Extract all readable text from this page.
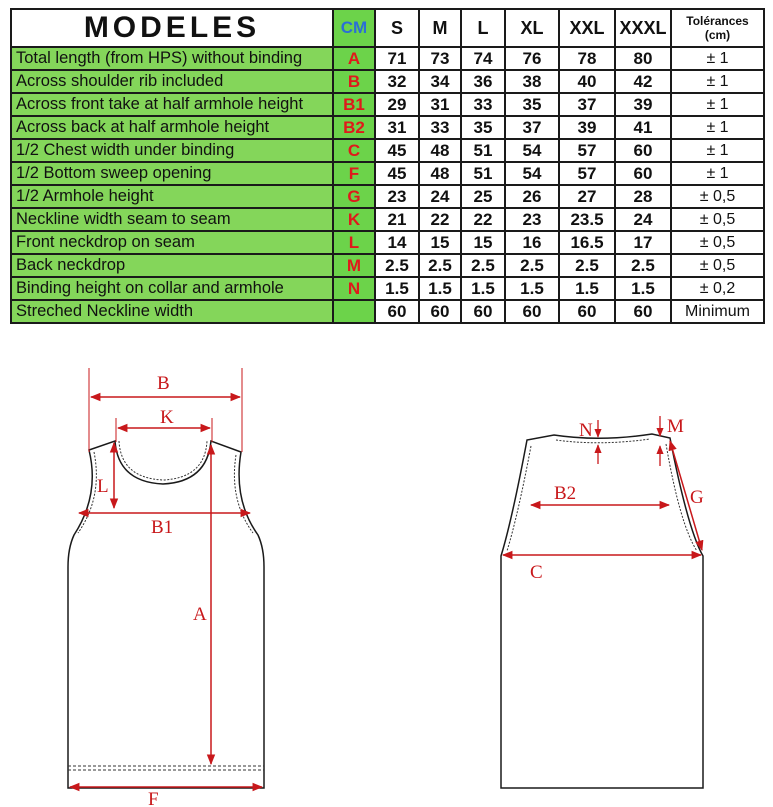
MODELES	CM	S	M	L	XL	XXL	XXXL	Tolérances
(cm)
Total length (from HPS) without binding	A	71	73	74	76	78	80	± 1
Across shoulder rib included	B	32	34	36	38	40	42	± 1
Across front take at half armhole height	B1	29	31	33	35	37	39	± 1
Across back at half armhole height	B2	31	33	35	37	39	41	± 1
1/2 Chest width under binding	C	45	48	51	54	57	60	± 1
1/2 Bottom sweep opening	F	45	48	51	54	57	60	± 1
1/2 Armhole height	G	23	24	25	26	27	28	± 0,5
Neckline width seam to seam	K	21	22	22	23	23.5	24	± 0,5
Front neckdrop on seam	L	14	15	15	16	16.5	17	± 0,5
Back neckdrop	M	2.5	2.5	2.5	2.5	2.5	2.5	± 0,5
Binding height on collar and armhole	N	1.5	1.5	1.5	1.5	1.5	1.5	± 0,2
Streched Neckline width		60	60	60	60	60	60	Minimum
B
K
L
B1
A
F
N	M
B2	G
C
